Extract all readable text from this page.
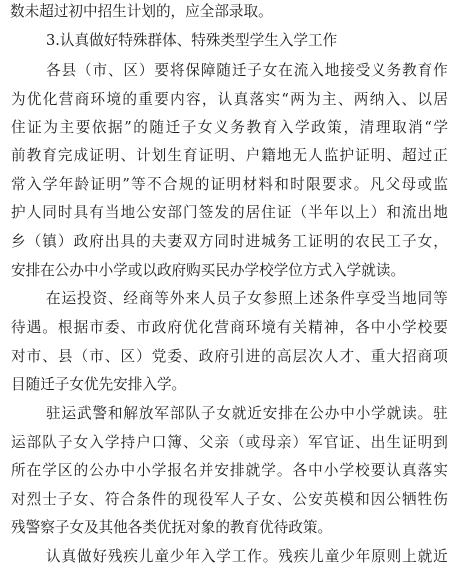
数未超过初中招生计划的，应全部录取。
3.认真做好特殊群体、特殊类型学生入学工作
各 县 （ 市 、 区 ） 要 将 保 障 随 迁 子 女 在 流 入 地 接 受 义 务 教 育 作
为 优 化 营 商 环 境 的 重 要 内 容 ， 认 真 落 实 “ 两 为 主 、 两 纳 入 、 以 居
住 证 为 主 要 依 据 ” 的 随 迁 子 女 义 务 教 育 入 学 政 策 ， 清 理 取 消 “ 学
前 教 育 完 成 证 明 、 计 划 生 育 证 明 、 户 籍 地 无 人 监 护 证 明 、 超 过 正
常 入 学 年 龄 证 明 ” 等 不 合 规 的 证 明 材 料 和 时 限 要 求 。 凡 父 母 或 监
护 人 同 时 具 有 当 地 公 安 部 门 签 发 的 居 住 证 （ 半 年 以 上 ） 和 流 出 地
乡 （ 镇 ） 政 府 出 具 的 夫 妻 双 方 同 时 进 城 务 工 证 明 的 农 民 工 子 女 ，
安排在公办中小学或以政府购买民办学校学位方式入学就读。
在 运 投 资 、 经 商 等 外 来 人 员 子 女 参 照 上 述 条 件 享 受 当 地 同 等
待 遇 。 根 据 市 委 、 市 政 府 优 化 营 商 环 境 有 关 精 神 ， 各 中 小 学 校 要
对 市 、 县 （ 市 、 区 ） 党 委 、 政 府 引 进 的 高 层 次 人 才 、 重 大 招 商 项
目随迁子女优先安排入学。
驻 运 武 警 和 解 放 军 部 队 子 女 就 近 安 排 在 公 办 中 小 学 就 读 。 驻
运 部 队 子 女 入 学 持 户 口 簿 、 父 亲 （ 或 母 亲 ） 军 官 证 、 出 生 证 明 到
所 在 学 区 的 公 办 中 小 学 报 名 并 安 排 就 学 。 各 中 小 学 校 要 认 真 落 实
对 烈 士 子 女 、 符 合 条 件 的 现 役 军 人 子 女 、 公 安 英 模 和 因 公 牺 牲 伤
残警察子女及其他各类优抚对象的教育优待政策。
认 真 做 好 残 疾 儿 童 少 年 入 学 工 作 。 残 疾 儿 童 少 年 原 则 上 就 近
